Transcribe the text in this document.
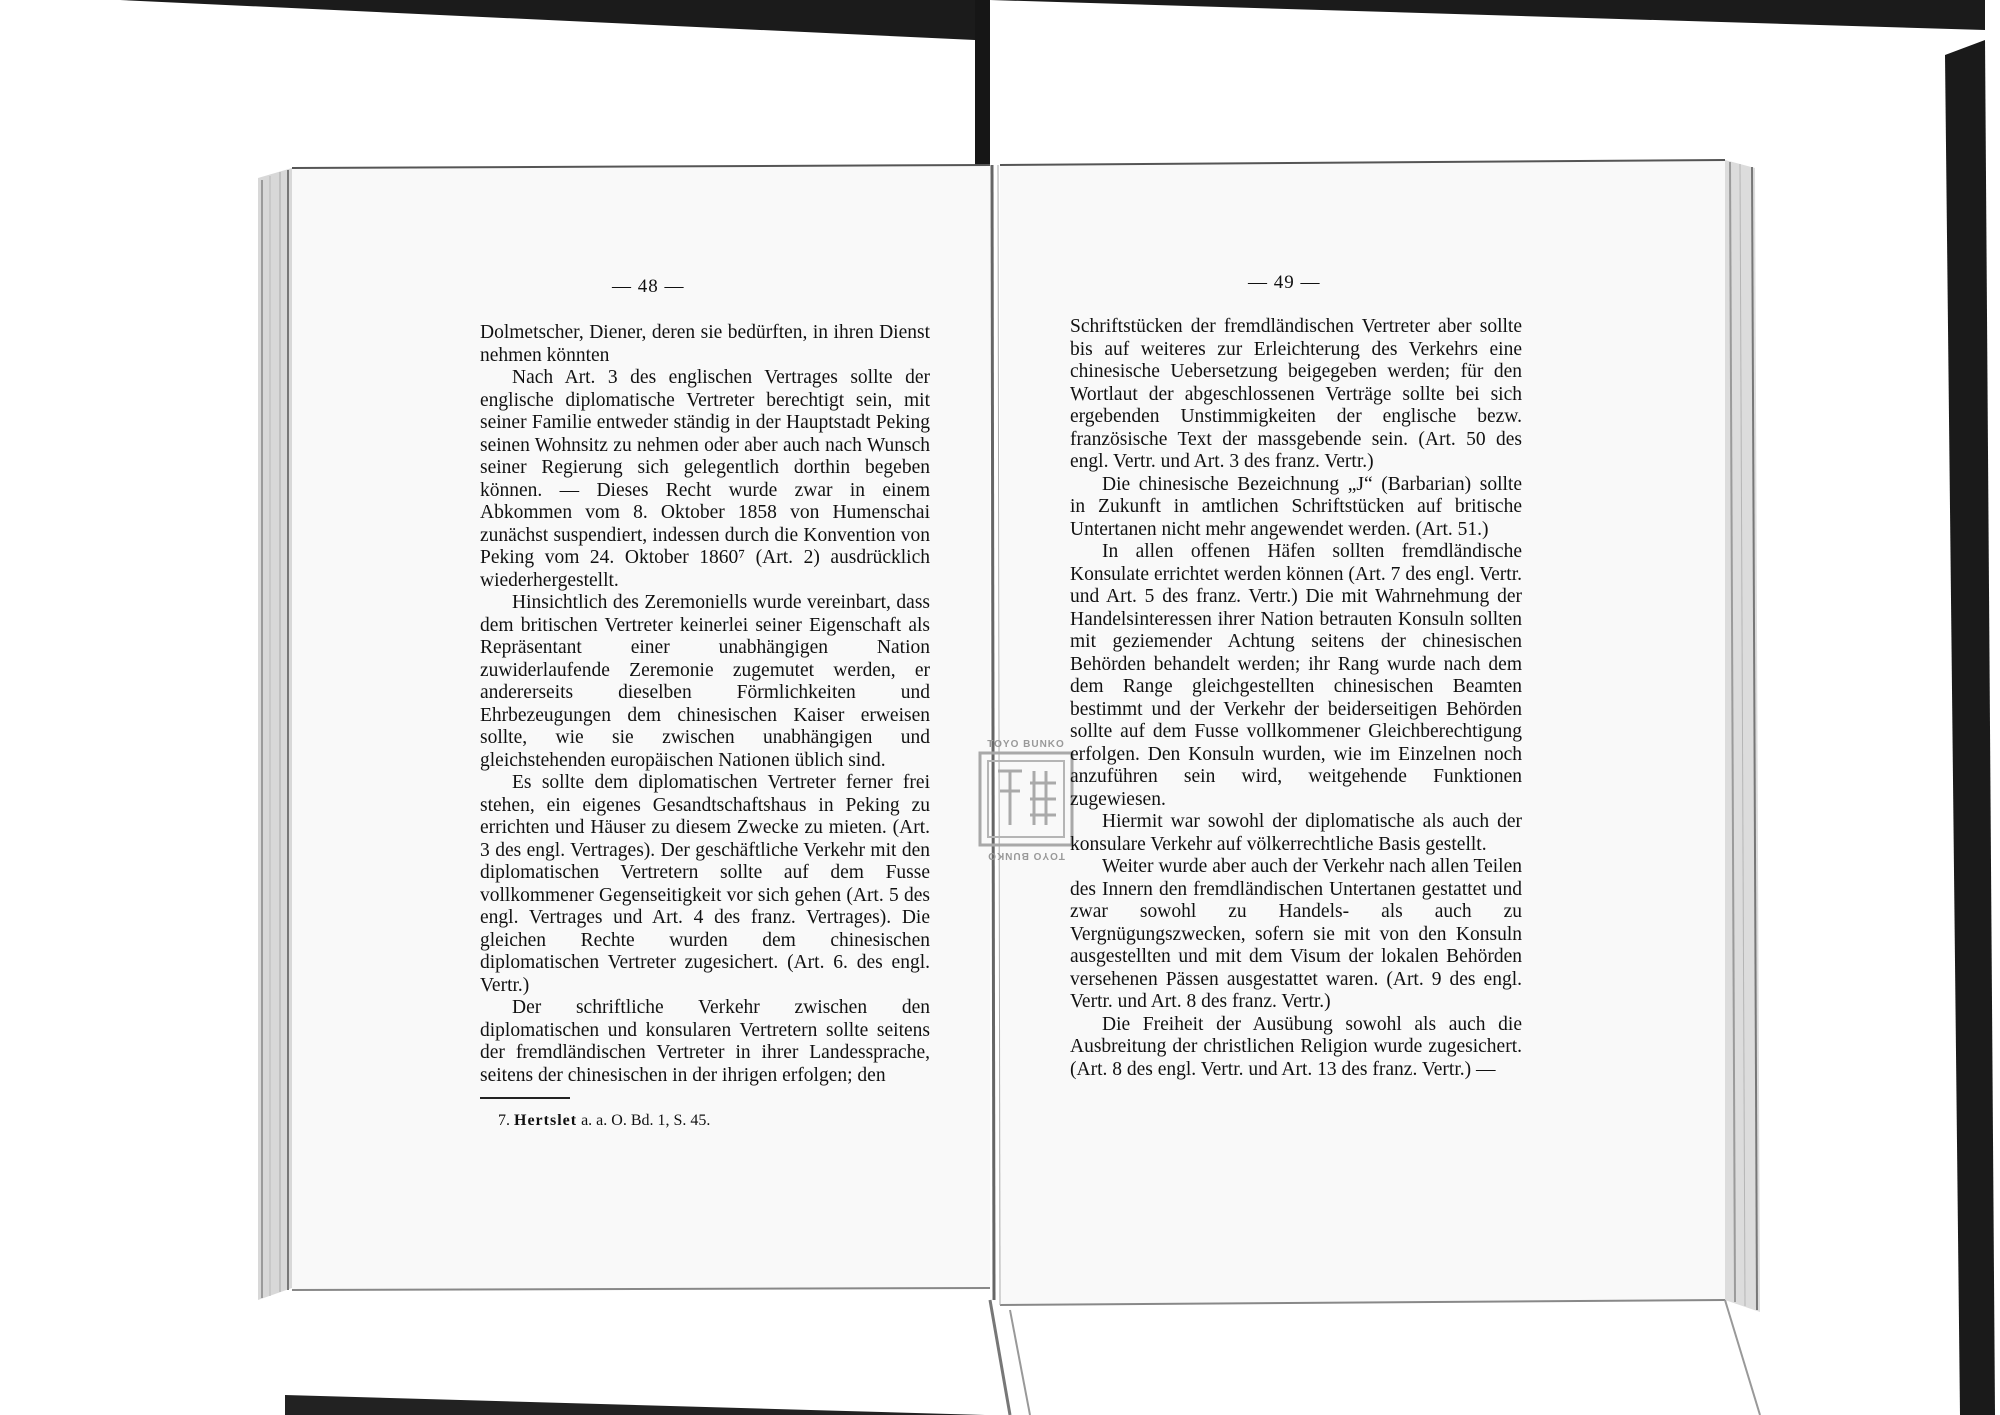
TOYO BUNKO
TOYO BUNKO
— 48 —

Dolmetscher, Diener, deren sie bedürften, in ihren Dienst nehmen könnten

Nach Art. 3 des englischen Vertrages sollte der englische diplomatische Vertreter berechtigt sein, mit seiner Familie entweder ständig in der Hauptstadt Peking seinen Wohnsitz zu nehmen oder aber auch nach Wunsch seiner Regierung sich gelegentlich dorthin begeben können. — Dieses Recht wurde zwar in einem Abkommen vom 8. Oktober 1858 von Humenschai zunächst suspendiert, indessen durch die Konvention von Peking vom 24. Oktober 1860⁷ (Art. 2) ausdrücklich wiederhergestellt.

Hinsichtlich des Zeremoniells wurde vereinbart, dass dem britischen Vertreter keinerlei seiner Eigenschaft als Repräsentant einer unabhängigen Nation zuwiderlaufende Zeremonie zugemutet werden, er andererseits dieselben Förmlichkeiten und Ehrbezeugungen dem chinesischen Kaiser erweisen sollte, wie sie zwischen unabhängigen und gleichstehenden europäischen Nationen üblich sind.

Es sollte dem diplomatischen Vertreter ferner frei stehen, ein eigenes Gesandtschaftshaus in Peking zu errichten und Häuser zu diesem Zwecke zu mieten. (Art. 3 des engl. Vertrages). Der geschäftliche Verkehr mit den diplomatischen Vertretern sollte auf dem Fusse vollkommener Gegenseitigkeit vor sich gehen (Art. 5 des engl. Vertrages und Art. 4 des franz. Vertrages). Die gleichen Rechte wurden dem chinesischen diplomatischen Vertreter zugesichert. (Art. 6. des engl. Vertr.)

Der schriftliche Verkehr zwischen den diplomatischen und konsularen Vertretern sollte seitens der fremdländischen Vertreter in ihrer Landessprache, seitens der chinesischen in der ihrigen erfolgen; den

7. Hertslet a. a. O. Bd. 1, S. 45.
— 49 —

Schriftstücken der fremdländischen Vertreter aber sollte bis auf weiteres zur Erleichterung des Verkehrs eine chinesische Uebersetzung beigegeben werden; für den Wortlaut der abgeschlossenen Verträge sollte bei sich ergebenden Unstimmigkeiten der englische bezw. französische Text der massgebende sein. (Art. 50 des engl. Vertr. und Art. 3 des franz. Vertr.)

Die chinesische Bezeichnung „J“ (Barbarian) sollte in Zukunft in amtlichen Schriftstücken auf britische Untertanen nicht mehr angewendet werden. (Art. 51.)

In allen offenen Häfen sollten fremdländische Konsulate errichtet werden können (Art. 7 des engl. Vertr. und Art. 5 des franz. Vertr.) Die mit Wahrnehmung der Handelsinteressen ihrer Nation betrauten Konsuln sollten mit geziemender Achtung seitens der chinesischen Behörden behandelt werden; ihr Rang wurde nach dem dem Range gleichgestellten chinesischen Beamten bestimmt und der Verkehr der beiderseitigen Behörden sollte auf dem Fusse vollkommener Gleichberechtigung erfolgen. Den Konsuln wurden, wie im Einzelnen noch anzuführen sein wird, weitgehende Funktionen zugewiesen.

Hiermit war sowohl der diplomatische als auch der konsulare Verkehr auf völkerrechtliche Basis gestellt.

Weiter wurde aber auch der Verkehr nach allen Teilen des Innern den fremdländischen Untertanen gestattet und zwar sowohl zu Handels- als auch zu Vergnügungszwecken, sofern sie mit von den Konsuln ausgestellten und mit dem Visum der lokalen Behörden versehenen Pässen ausgestattet waren. (Art. 9 des engl. Vertr. und Art. 8 des franz. Vertr.)

Die Freiheit der Ausübung sowohl als auch die Ausbreitung der christlichen Religion wurde zugesichert. (Art. 8 des engl. Vertr. und Art. 13 des franz. Vertr.) —
